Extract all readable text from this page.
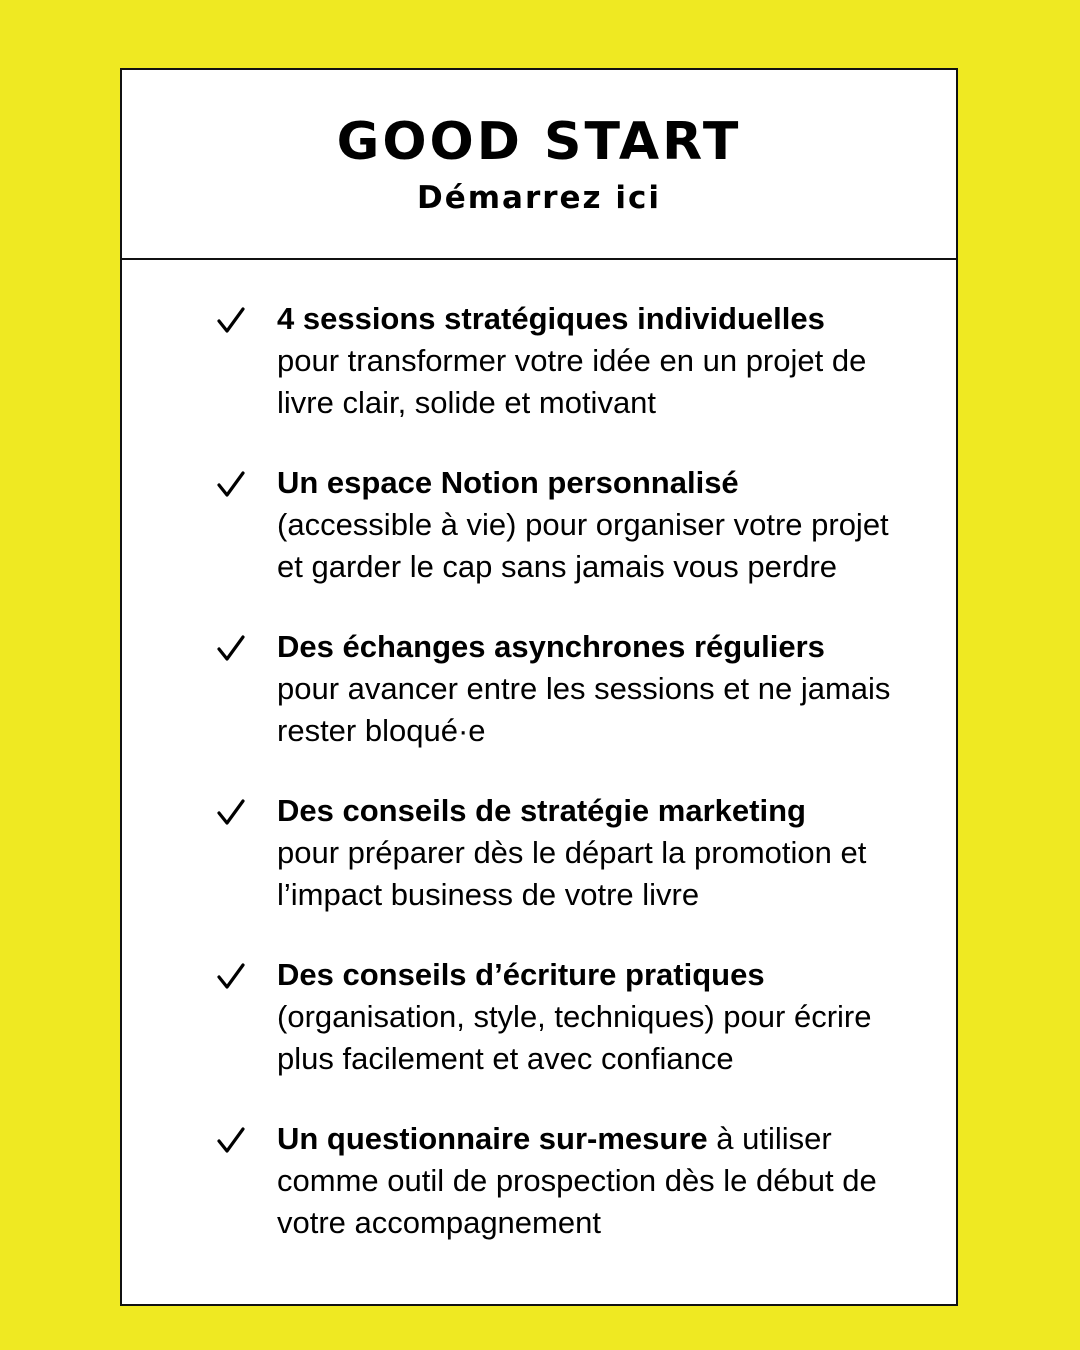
GOOD START
Démarrez ici
4 sessions stratégiques individuelles
pour transformer votre idée en un projet de livre clair, solide et motivant
Un espace Notion personnalisé
(accessible à vie) pour organiser votre projet et garder le cap sans jamais vous perdre
Des échanges asynchrones réguliers
pour avancer entre les sessions et ne jamais rester bloqué·e
Des conseils de stratégie marketing
pour préparer dès le départ la promotion et l’impact business de votre livre
Des conseils d’écriture pratiques
(organisation, style, techniques) pour écrire plus facilement et avec confiance
Un questionnaire sur-mesure à utiliser comme outil de prospection dès le début de votre accompagnement
